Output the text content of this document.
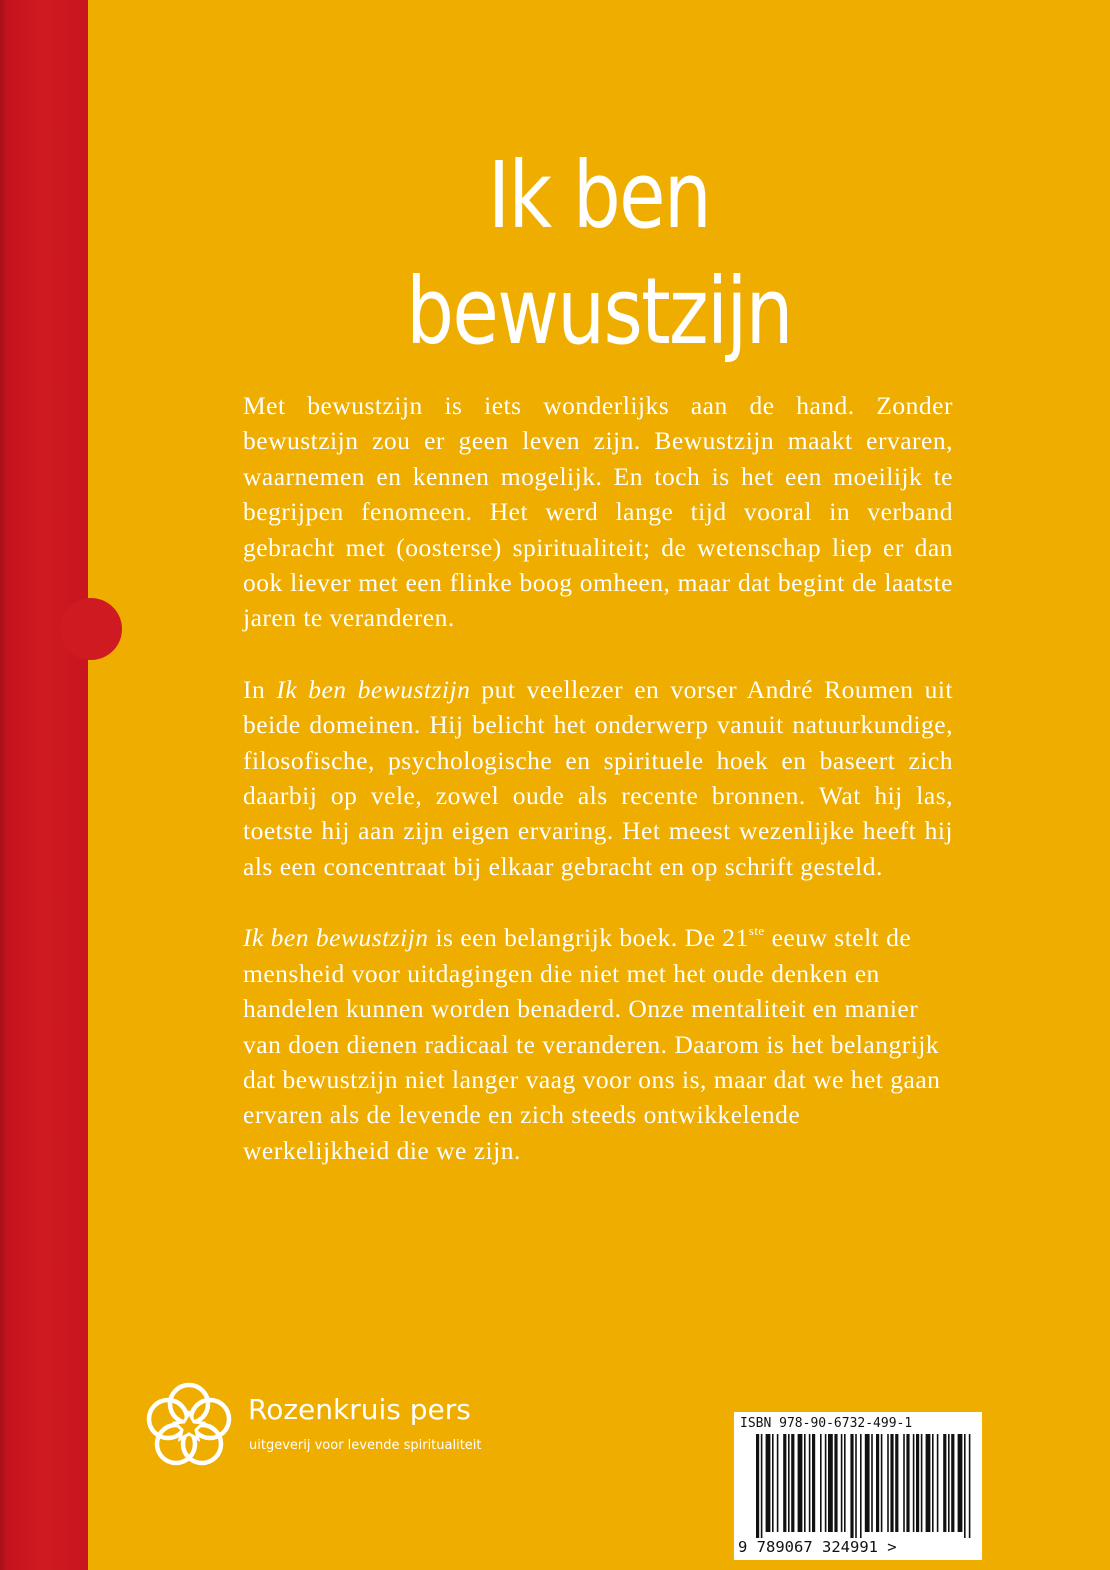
Ik ben
bewustzijn

Met bewustzijn is iets wonderlijks aan de hand. Zonder bewustzijn zou er geen leven zijn. Bewustzijn maakt ervaren, waarnemen en kennen mogelijk. En toch is het een moeilijk te begrijpen fenomeen. Het werd lange tijd vooral in verband gebracht met (oosterse) spiritualiteit; de wetenschap liep er dan ook liever met een flinke boog omheen, maar dat begint de laatste jaren te veranderen.

In Ik ben bewustzijn put veellezer en vorser André Roumen uit beide domeinen. Hij belicht het onderwerp vanuit natuurkundige, filosofische, psychologische en spirituele hoek en baseert zich daarbij op vele, zowel oude als recente bronnen. Wat hij las, toetste hij aan zijn eigen ervaring. Het meest wezenlijke heeft hij als een concentraat bij elkaar gebracht en op schrift gesteld.

Ik ben bewustzijn is een belangrijk boek. De 21ste eeuw stelt de mensheid voor uitdagingen die niet met het oude denken en handelen kunnen worden benaderd. Onze mentaliteit en manier van doen dienen radicaal te veranderen. Daarom is het belangrijk dat bewustzijn niet langer vaag voor ons is, maar dat we het gaan ervaren als de levende en zich steeds ontwikkelende werkelijkheid die we zijn.

Rozenkruis pers
uitgeverij voor levende spiritualiteit
ISBN 978-90-6732-499-1
9 789067 324991 >
